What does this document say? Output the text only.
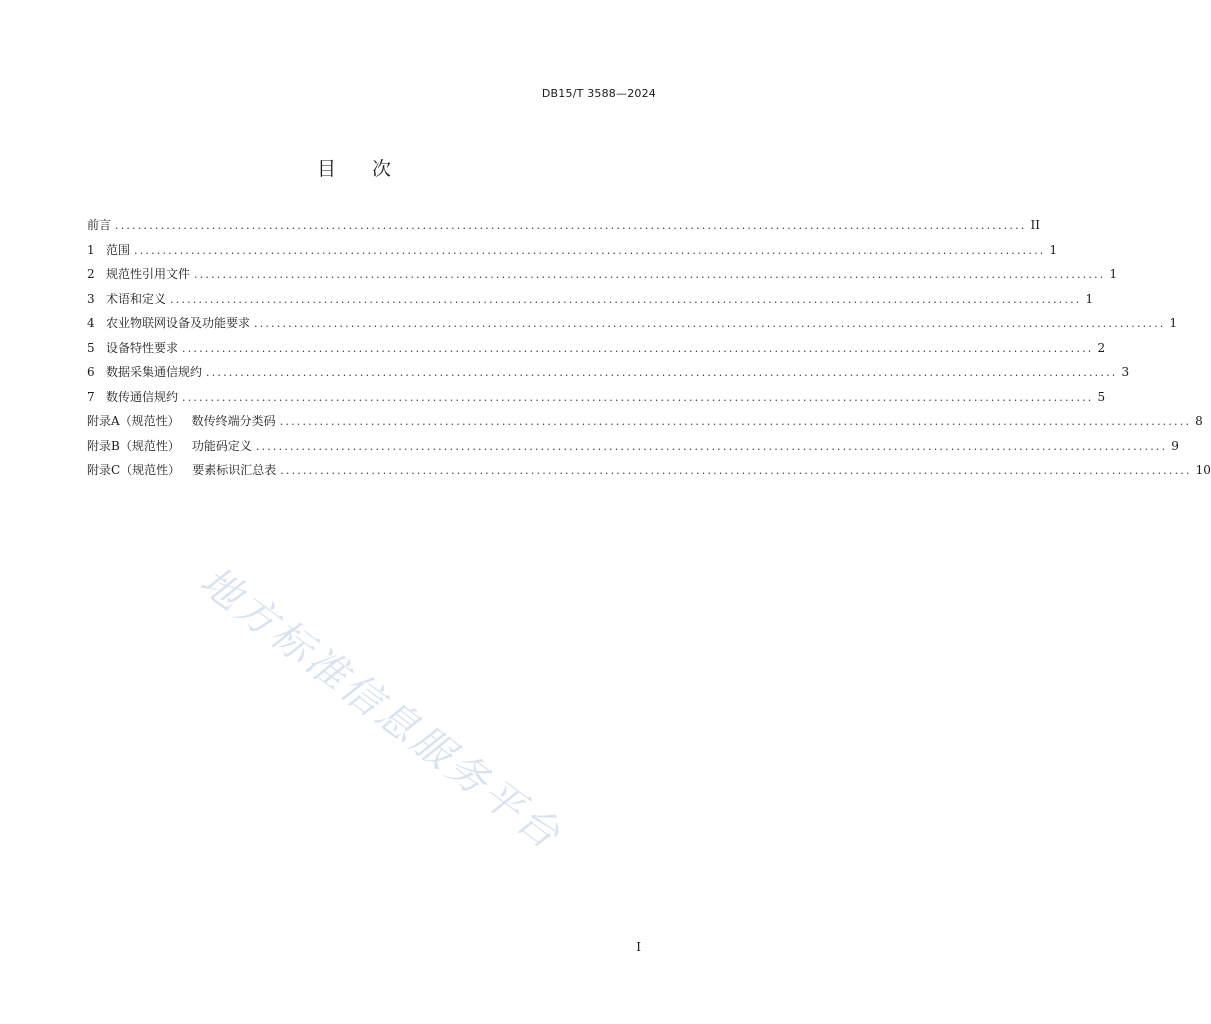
DB15/T 3588—2024
目次
前言 ................................................................................................................................................................ II
1 范围 ................................................................................................................................................................ 1
2 规范性引用文件 ................................................................................................................................................................ 1
3 术语和定义 ................................................................................................................................................................ 1
4 农业物联网设备及功能要求 ................................................................................................................................................................ 1
5 设备特性要求 ................................................................................................................................................................ 2
6 数据采集通信规约 ................................................................................................................................................................ 3
7 数传通信规约 ................................................................................................................................................................ 5
附录A（规范性） 数传终端分类码 ................................................................................................................................................................ 8
附录B（规范性） 功能码定义 ................................................................................................................................................................ 9
附录C（规范性） 要素标识汇总表 ................................................................................................................................................................ 10
地方标准信息服务平台
I
